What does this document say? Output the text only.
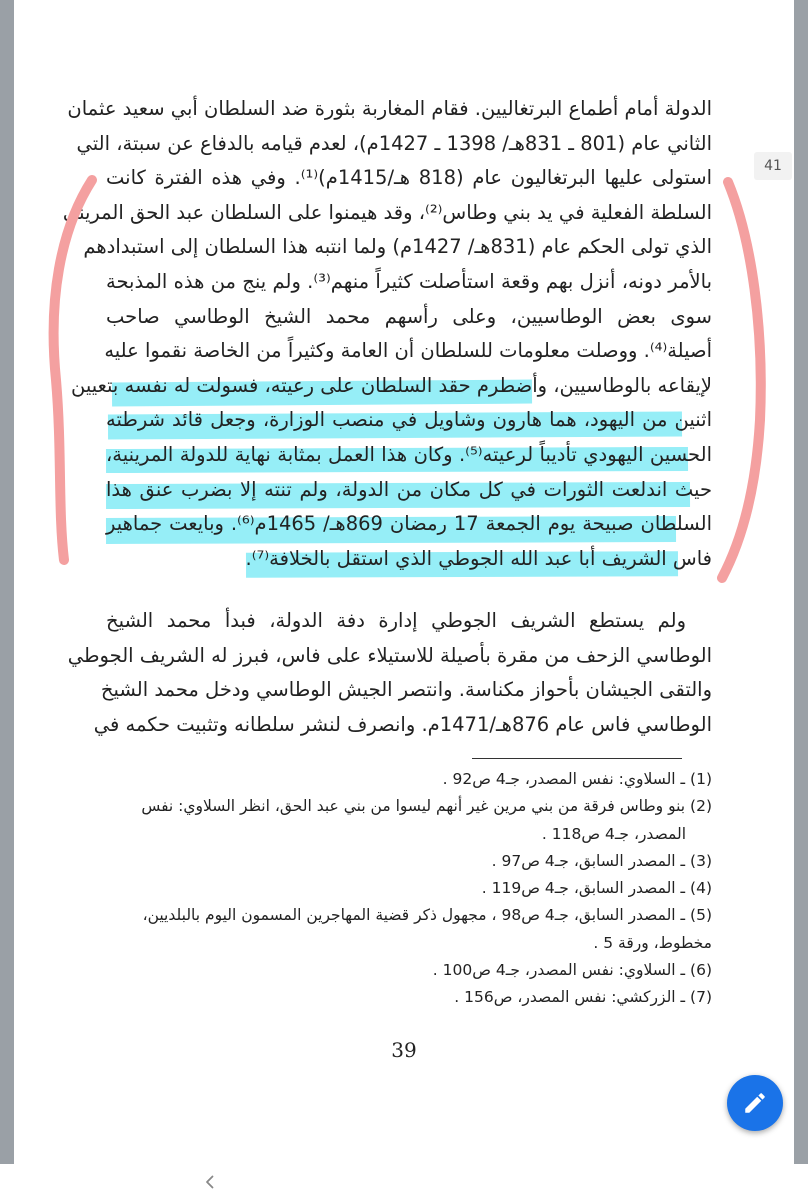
الدولة أمام أطماع البرتغاليين. فقام المغاربة بثورة ضد السلطان أبي سعيد عثمان
الثاني عام (801 ـ 831هـ/ 1398 ـ 1427م)، لعدم قيامه بالدفاع عن سبتة، التي
استولى عليها البرتغاليون عام (818 هـ/1415م)⁽¹⁾. وفي هذه الفترة كانت
السلطة الفعلية في يد بني وطاس⁽²⁾، وقد هيمنوا على السلطان عبد الحق المريني
الذي تولى الحكم عام (831هـ/ 1427م) ولما انتبه هذا السلطان إلى استبدادهم
بالأمر دونه، أنزل بهم وقعة استأصلت كثيراً منهم⁽³⁾. ولم ينج من هذه المذبحة
سوى بعض الوطاسيين، وعلى رأسهم محمد الشيخ الوطاسي صاحب
أصيلة⁽⁴⁾. ووصلت معلومات للسلطان أن العامة وكثيراً من الخاصة نقموا عليه
لإيقاعه بالوطاسيين، وأضطرم حقد السلطان على رعيته، فسولت له نفسه بتعيين
اثنين من اليهود، هما هارون وشاويل في منصب الوزارة، وجعل قائد شرطته
الحسين اليهودي تأديباً لرعيته⁽⁵⁾. وكان هذا العمل بمثابة نهاية للدولة المرينية،
حيث اندلعت الثورات في كل مكان من الدولة، ولم تنته إلا بضرب عنق هذا
السلطان صبيحة يوم الجمعة 17 رمضان 869هـ/ 1465م⁽⁶⁾. وبايعت جماهير
فاس الشريف أبا عبد الله الجوطي الذي استقل بالخلافة⁽⁷⁾.
ولم يستطع الشريف الجوطي إدارة دفة الدولة، فبدأ محمد الشيخ
الوطاسي الزحف من مقرة بأصيلة للاستيلاء على فاس، فبرز له الشريف الجوطي
والتقى الجيشان بأحواز مكناسة. وانتصر الجيش الوطاسي ودخل محمد الشيخ
الوطاسي فاس عام 876هـ/1471م. وانصرف لنشر سلطانه وتثبيت حكمه في
(1) ـ السلاوي: نفس المصدر، جـ4 ص92 .
(2) بنو وطاس فرقة من بني مرين غير أنهم ليسوا من بني عبد الحق، انظر السلاوي: نفس
المصدر، جـ4 ص118 .
(3) ـ المصدر السابق، جـ4 ص97 .
(4) ـ المصدر السابق، جـ4 ص119 .
(5) ـ المصدر السابق، جـ4 ص98 ، مجهول ذكر قضية المهاجرين المسمون اليوم بالبلديين،
مخطوط، ورقة 5 .
(6) ـ السلاوي: نفس المصدر، جـ4 ص100 .
(7) ـ الزركشي: نفس المصدر، ص156 .
39
41
